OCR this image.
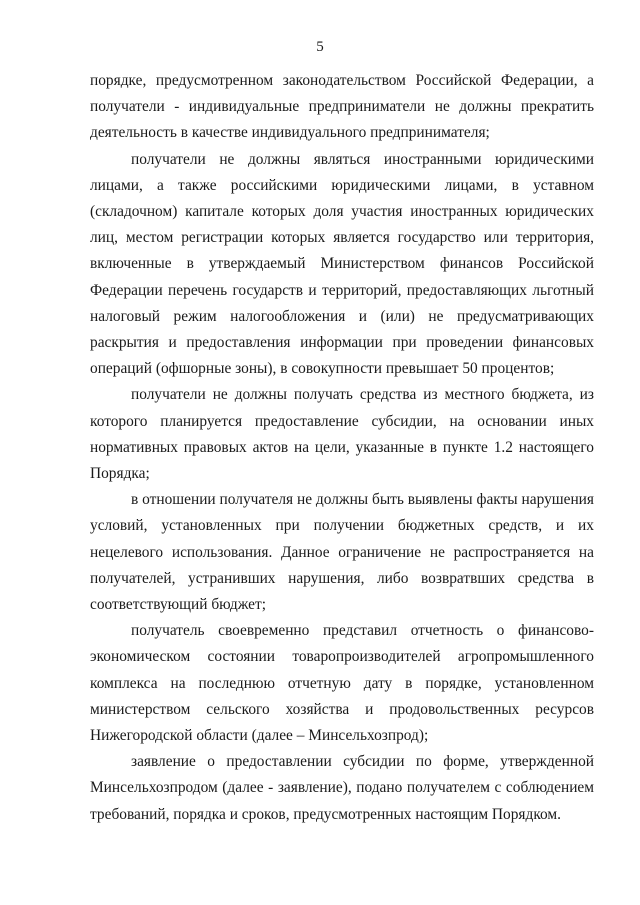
5

порядке, предусмотренном законодательством Российской Федерации, а получатели - индивидуальные предприниматели не должны прекратить деятельность в качестве индивидуального предпринимателя;

получатели не должны являться иностранными юридическими лицами, а также российскими юридическими лицами, в уставном (складочном) капитале которых доля участия иностранных юридических лиц, местом регистрации которых является государство или территория, включенные в утверждаемый Министерством финансов Российской Федерации перечень государств и территорий, предоставляющих льготный налоговый режим налогообложения и (или) не предусматривающих раскрытия и предоставления информации при проведении финансовых операций (офшорные зоны), в совокупности превышает 50 процентов;

получатели не должны получать средства из местного бюджета, из которого планируется предоставление субсидии, на основании иных нормативных правовых актов на цели, указанные в пункте 1.2 настоящего Порядка;

в отношении получателя не должны быть выявлены факты нарушения условий, установленных при получении бюджетных средств, и их нецелевого использования. Данное ограничение не распространяется на получателей, устранивших нарушения, либо возвратвших средства в соответствующий бюджет;

получатель своевременно представил отчетность о финансово-экономическом состоянии товаропроизводителей агропромышленного комплекса на последнюю отчетную дату в порядке, установленном министерством сельского хозяйства и продовольственных ресурсов Нижегородской области (далее – Минсельхозпрод);

заявление о предоставлении субсидии по форме, утвержденной Минсельхозпродом (далее - заявление), подано получателем с соблюдением требований, порядка и сроков, предусмотренных настоящим Порядком.
